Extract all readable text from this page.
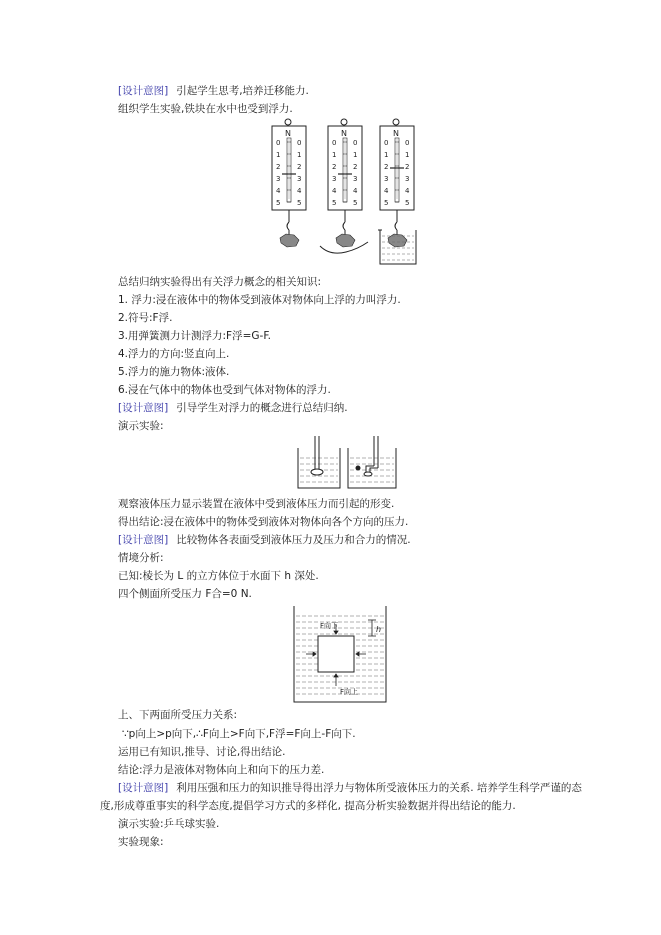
[设计意图] 引起学生思考,培养迁移能力.
组织学生实验,铁块在水中也受到浮力.
N
0 0
1 1
2 2
3 3
4 4
5 5
N
0 0
1 1
2 2
3 3
4 4
5 5
N
0 0
1 1
2 2
3 3
4 4
5 5
总结归纳实验得出有关浮力概念的相关知识:
1. 浮力:浸在液体中的物体受到液体对物体向上浮的力叫浮力.
2.符号:F浮.
3.用弹簧测力计测浮力:F浮=G-F.
4.浮力的方向:竖直向上.
5.浮力的施力物体:液体.
6.浸在气体中的物体也受到气体对物体的浮力.
[设计意图] 引导学生对浮力的概念进行总结归纳.
演示实验:
观察液体压力显示装置在液体中受到液体压力而引起的形变.
得出结论:浸在液体中的物体受到液体对物体向各个方向的压力.
[设计意图] 比较物体各表面受到液体压力及压力和合力的情况.
情境分析:
已知:棱长为 L 的立方体位于水面下 h 深处.
四个侧面所受压力 F合=0 N.
F向下
F向上
h
上、下两面所受压力关系:
∵p向上>p向下,∴F向上>F向下,F浮=F向上-F向下.
运用已有知识,推导、讨论,得出结论.
结论:浮力是液体对物体向上和向下的压力差.
[设计意图] 利用压强和压力的知识推导得出浮力与物体所受液体压力的关系. 培养学生科学严谨的态
度,形成尊重事实的科学态度,提倡学习方式的多样化, 提高分析实验数据并得出结论的能力.
演示实验:乒乓球实验.
实验现象:
